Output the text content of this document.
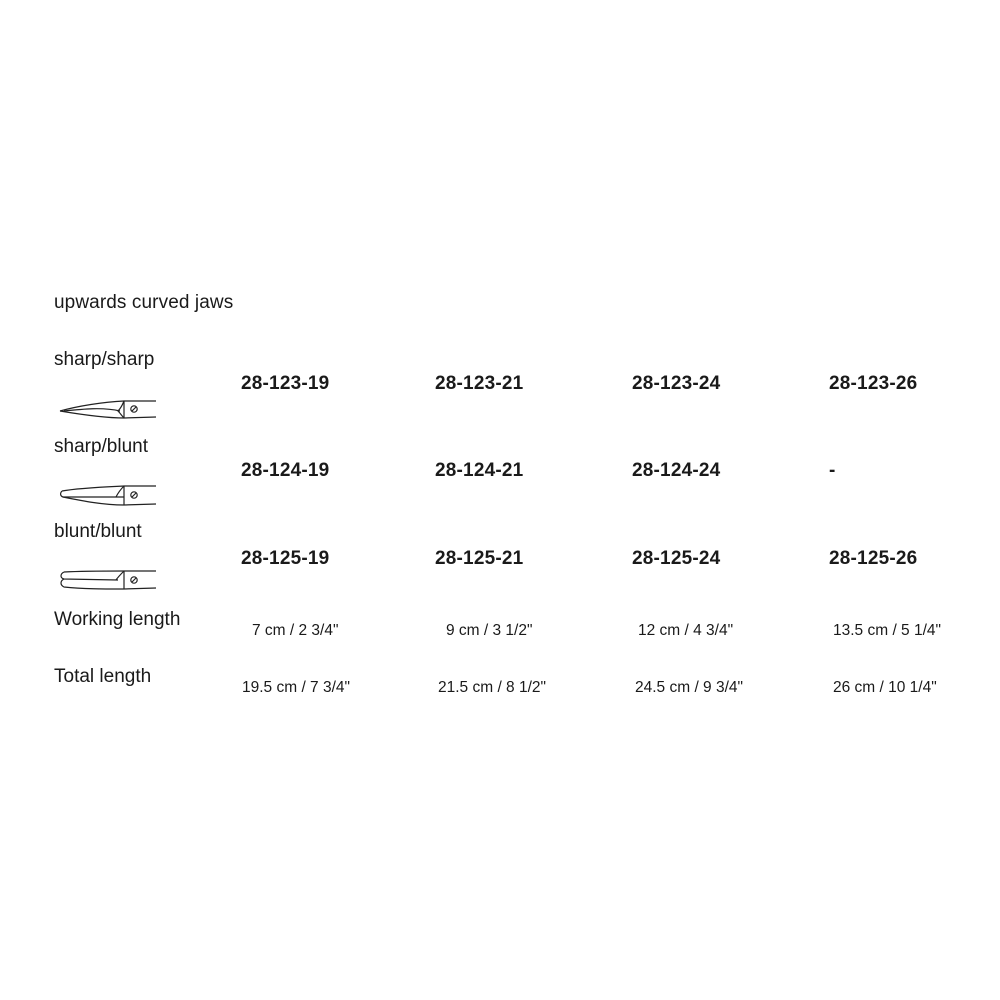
upwards curved jaws
sharp/sharp
28-123-19	28-123-21	28-123-24	28-123-26
sharp/blunt
28-124-19	28-124-21	28-124-24	-
blunt/blunt
28-125-19	28-125-21	28-125-24	28-125-26
Working length
7 cm / 2 3/4"	9 cm / 3 1/2"	12 cm / 4 3/4"	13.5 cm / 5 1/4"
Total length
19.5 cm / 7 3/4"	21.5 cm / 8 1/2"	24.5 cm / 9 3/4"	26 cm / 10 1/4"
